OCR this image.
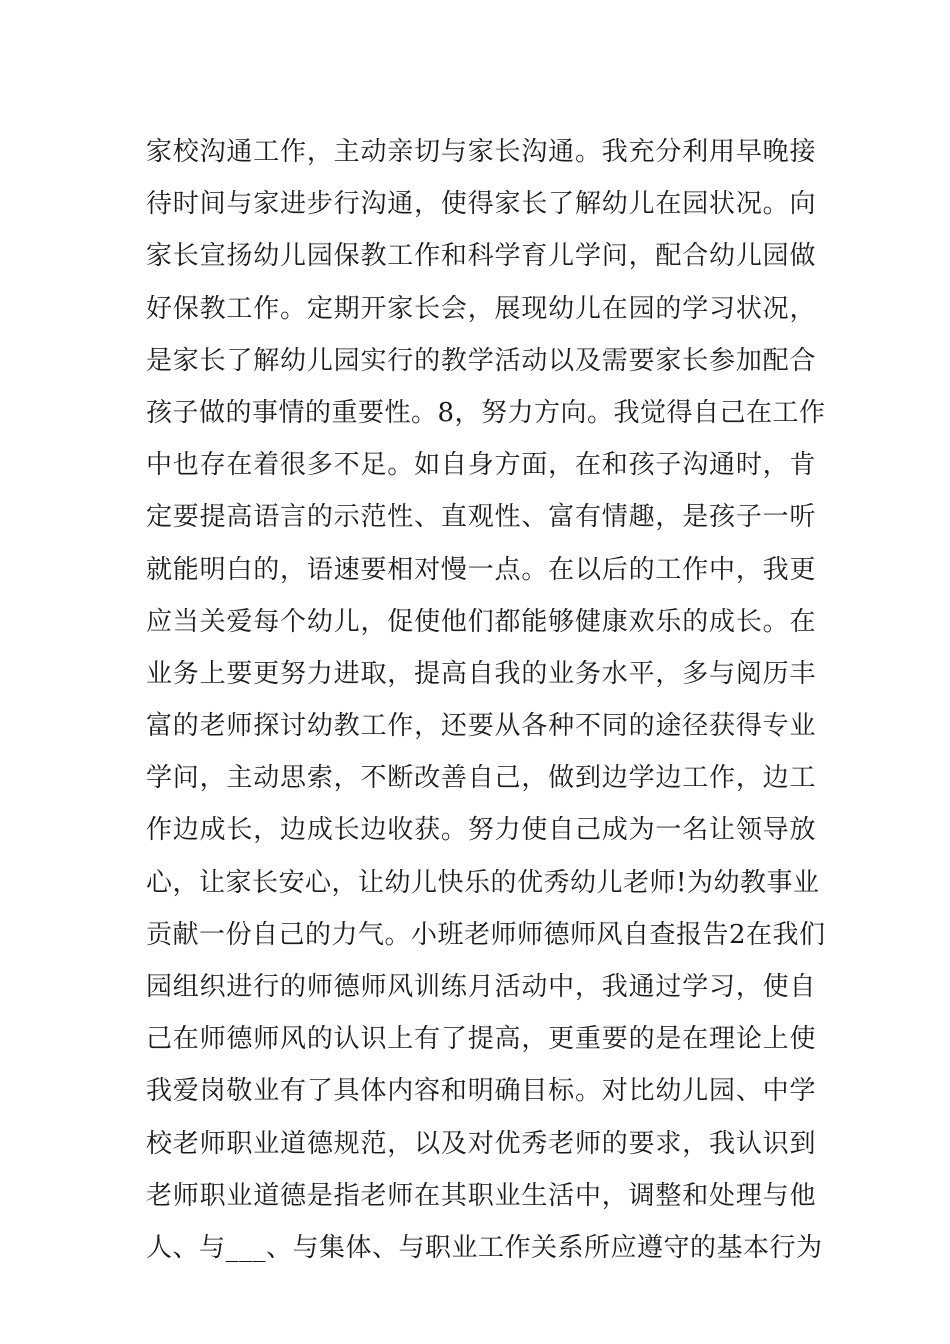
家校沟通工作，主动亲切与家长沟通。我充分利用早晚接
待时间与家进步行沟通，使得家长了解幼儿在园状况。向
家长宣扬幼儿园保教工作和科学育儿学问，配合幼儿园做
好保教工作。定期开家长会，展现幼儿在园的学习状况，
是家长了解幼儿园实行的教学活动以及需要家长参加配合
孩子做的事情的重要性。8，努力方向。我觉得自己在工作
中也存在着很多不足。如自身方面，在和孩子沟通时，肯
定要提高语言的示范性、直观性、富有情趣，是孩子一听
就能明白的，语速要相对慢一点。在以后的工作中，我更
应当关爱每个幼儿，促使他们都能够健康欢乐的成长。在
业务上要更努力进取，提高自我的业务水平，多与阅历丰
富的老师探讨幼教工作，还要从各种不同的途径获得专业
学问，主动思索，不断改善自己，做到边学边工作，边工
作边成长，边成长边收获。努力使自己成为一名让领导放
心，让家长安心，让幼儿快乐的优秀幼儿老师!为幼教事业
贡献一份自己的力气。小班老师师德师风自查报告2在我们
园组织进行的师德师风训练月活动中，我通过学习，使自
己在师德师风的认识上有了提高，更重要的是在理论上使
我爱岗敬业有了具体内容和明确目标。对比幼儿园、中学
校老师职业道德规范，以及对优秀老师的要求，我认识到
老师职业道德是指老师在其职业生活中，调整和处理与他
人、与___、与集体、与职业工作关系所应遵守的基本行为
